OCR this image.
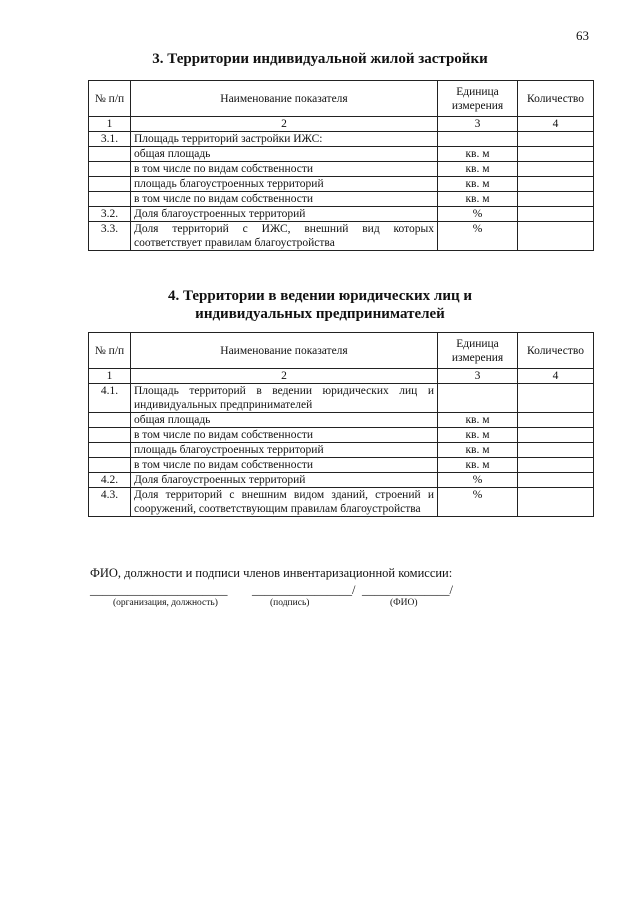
63
3. Территории индивидуальной жилой застройки
№ п/п	Наименование показателя	Единица измерения	Количество
1	2	3	4
3.1.	Площадь территорий застройки ИЖС:		
	общая площадь	кв. м	
	в том числе по видам собственности	кв. м	
	площадь благоустроенных территорий	кв. м	
	в том числе по видам собственности	кв. м	
3.2.	Доля благоустроенных территорий	%	
3.3.	Доля территорий с ИЖС, внешний вид которых соответствует правилам благоустройства	%	
4. Территории в ведении юридических лиц и
индивидуальных предпринимателей
№ п/п	Наименование показателя	Единица измерения	Количество
1	2	3	4
4.1.	Площадь территорий в ведении юридических лиц и индивидуальных предпринимателей		
	общая площадь	кв. м	
	в том числе по видам собственности	кв. м	
	площадь благоустроенных территорий	кв. м	
	в том числе по видам собственности	кв. м	
4.2.	Доля благоустроенных территорий	%	
4.3.	Доля территорий с внешним видом зданий, строений и сооружений, соответствующим правилам благоустройства	%	
ФИО, должности и подписи членов инвентаризационной комиссии:
______________________ ________________/ ______________/
(организация, должность)	(подпись)	(ФИО)
